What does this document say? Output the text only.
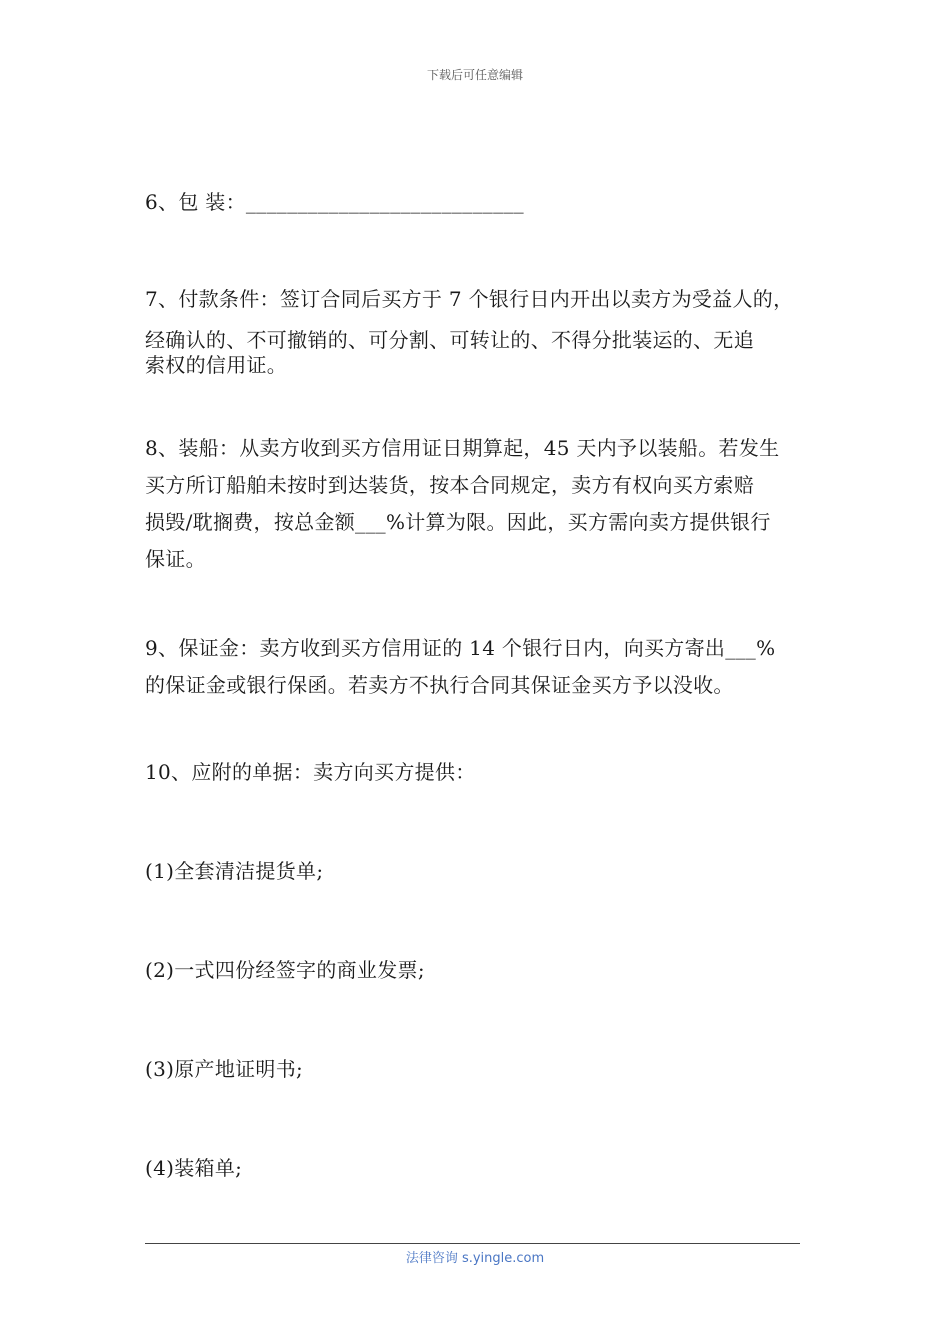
下载后可任意编辑

6、包 装：___________________________

7、付款条件：签订合同后买方于 7 个银行日内开出以卖方为受益人的，
经确认的、不可撤销的、可分割、可转让的、不得分批装运的、无追
索权的信用证。

8、装船：从卖方收到买方信用证日期算起，45 天内予以装船。若发生
买方所订船舶未按时到达装货，按本合同规定，卖方有权向买方索赔
损毁/耽搁费，按总金额___%计算为限。因此，买方需向卖方提供银行
保证。

9、保证金：卖方收到买方信用证的 14 个银行日内，向买方寄出___%
的保证金或银行保函。若卖方不执行合同其保证金买方予以没收。

10、应附的单据：卖方向买方提供：

(1)全套清洁提货单;

(2)一式四份经签字的商业发票;

(3)原产地证明书;

(4)装箱单;

法律咨询 s.yingle.com
